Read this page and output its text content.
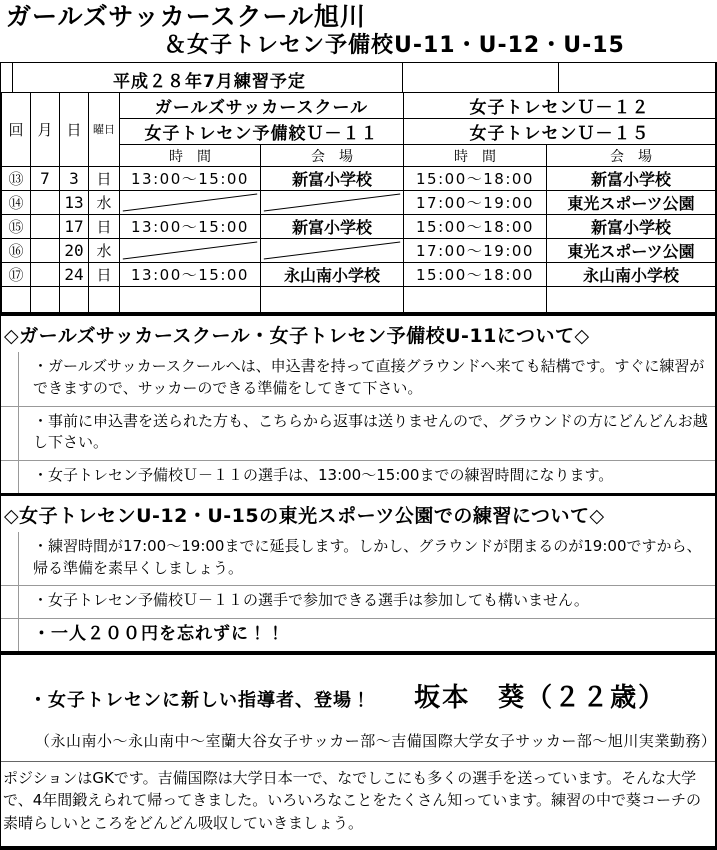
ガールズサッカースクール旭川
＆女子トレセン予備校U-11・U-12・U-15
平成２８年7月練習予定
回	月	日	曜日	ガールズサッカースクール		女子トレセンＵ－１２	
				女子トレセン予備絞Ｕ－１１		女子トレセンＵ－１５	
				時　間	会　場	時　間	会　場
⑬	7	3	日	13:00～15:00	新富小学校	15:00～18:00	新富小学校
⑭		13	水			17:00～19:00	東光スポーツ公園
⑮		17	日	13:00～15:00	新富小学校	15:00～18:00	新富小学校
⑯		20	水			17:00～19:00	東光スポーツ公園
⑰		24	日	13:00～15:00	永山南小学校	15:00～18:00	永山南小学校

◇ガールズサッカースクール・女子トレセン予備校U-11について◇
・ガールズサッカースクールへは、申込書を持って直接グラウンドへ来ても結構です。すぐに練習ができますので、サッカーのできる準備をしてきて下さい。
・事前に申込書を送られた方も、こちらから返事は送りませんので、グラウンドの方にどんどんお越し下さい。
・女子トレセン予備校Ｕ－１１の選手は、13:00～15:00までの練習時間になります。
◇女子トレセンU-12・U-15の東光スポーツ公園での練習について◇
・練習時間が17:00～19:00までに延長します。しかし、グラウンドが閉まるのが19:00ですから、帰る準備を素早くしましょう。
・女子トレセン予備校Ｕ－１１の選手で参加できる選手は参加しても構いません。
・一人２００円を忘れずに！！
・女子トレセンに新しい指導者、登場！ 坂本　葵（２２歳）
（永山南小～永山南中～室蘭大谷女子サッカー部～吉備国際大学女子サッカー部～旭川実業勤務）
ポジションはGKです。吉備国際は大学日本一で、なでしこにも多くの選手を送っています。そんな大学で、4年間鍛えられて帰ってきました。いろいろなことをたくさん知っています。練習の中で葵コーチの素晴らしいところをどんどん吸収していきましょう。
